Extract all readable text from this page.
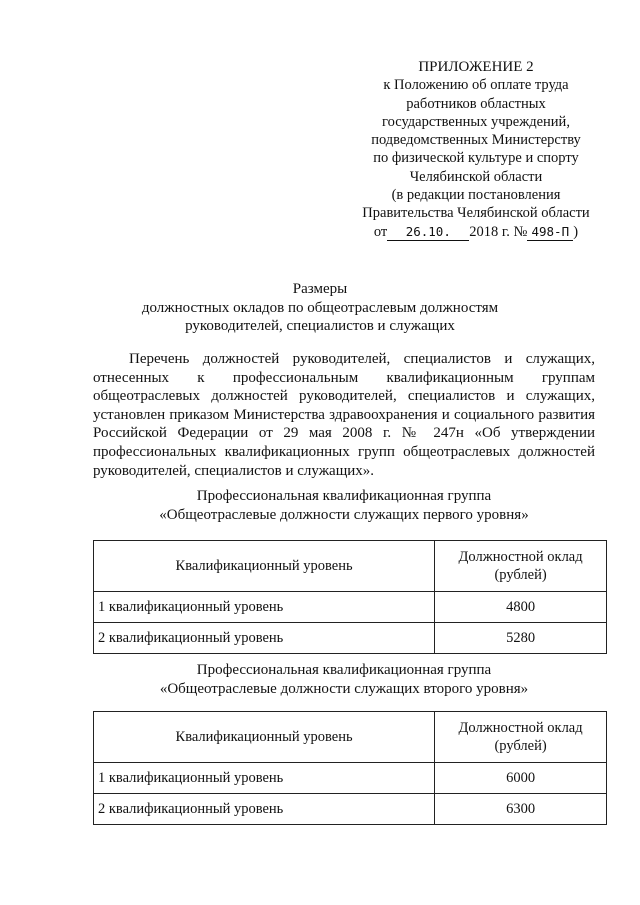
ПРИЛОЖЕНИЕ 2
к Положению об оплате труда
работников областных
государственных учреждений,
подведомственных Министерству
по физической культуре и спорту
Челябинской области
(в редакции постановления
Правительства Челябинской области
от 26.10. 2018 г. № 498-П )
Размеры
должностных окладов по общеотраслевым должностям
руководителей, специалистов и служащих
Перечень должностей руководителей, специалистов и служащих,
отнесенных к профессиональным квалификационным группам
общеотраслевых должностей руководителей, специалистов и служащих,
установлен приказом Министерства здравоохранения и социального развития
Российской Федерации от 29 мая 2008 г. № 247н «Об утверждении
профессиональных квалификационных групп общеотраслевых должностей
руководителей, специалистов и служащих».
Профессиональная квалификационная группа
«Общеотраслевые должности служащих первого уровня»
Квалификационный уровень	Должностной оклад
(рублей)
1 квалификационный уровень	4800
2 квалификационный уровень	5280
Профессиональная квалификационная группа
«Общеотраслевые должности служащих второго уровня»
Квалификационный уровень	Должностной оклад
(рублей)
1 квалификационный уровень	6000
2 квалификационный уровень	6300
